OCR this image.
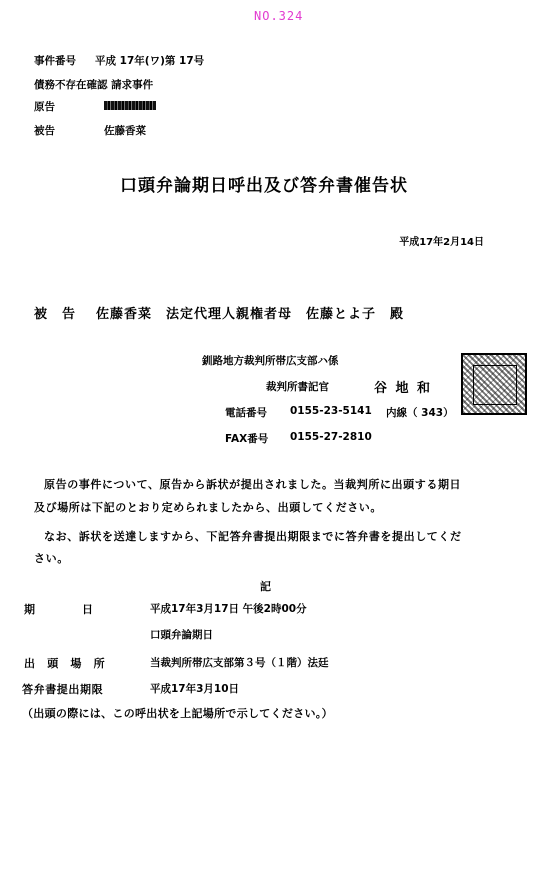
NO.324
事件番号 平成 17年(ワ)第 17号
債務不存在確認 請求事件
原告
被告	佐藤香菜
口頭弁論期日呼出及び答弁書催告状
平成17年2月14日
被　告 佐藤香菜　法定代理人親権者母　佐藤とよ子　殿
釧路地方裁判所帯広支部ハ係
裁判所書記官	谷 地 和
電話番号 0155-23-5141 内線（ 343）
FAX番号 0155-27-2810
原告の事件について、原告から訴状が提出されました。当裁判所に出頭する期日
及び場所は下記のとおり定められましたから、出頭してください。
なお、訴状を送達しますから、下記答弁書提出期限までに答弁書を提出してくだ
さい。
記
期　　　　日	平成17年3月17日 午後2時00分
口頭弁論期日
出　頭　場　所	当裁判所帯広支部第３号（１階）法廷
答弁書提出期限	平成17年3月10日
（出頭の際には、この呼出状を上記場所で示してください。）
